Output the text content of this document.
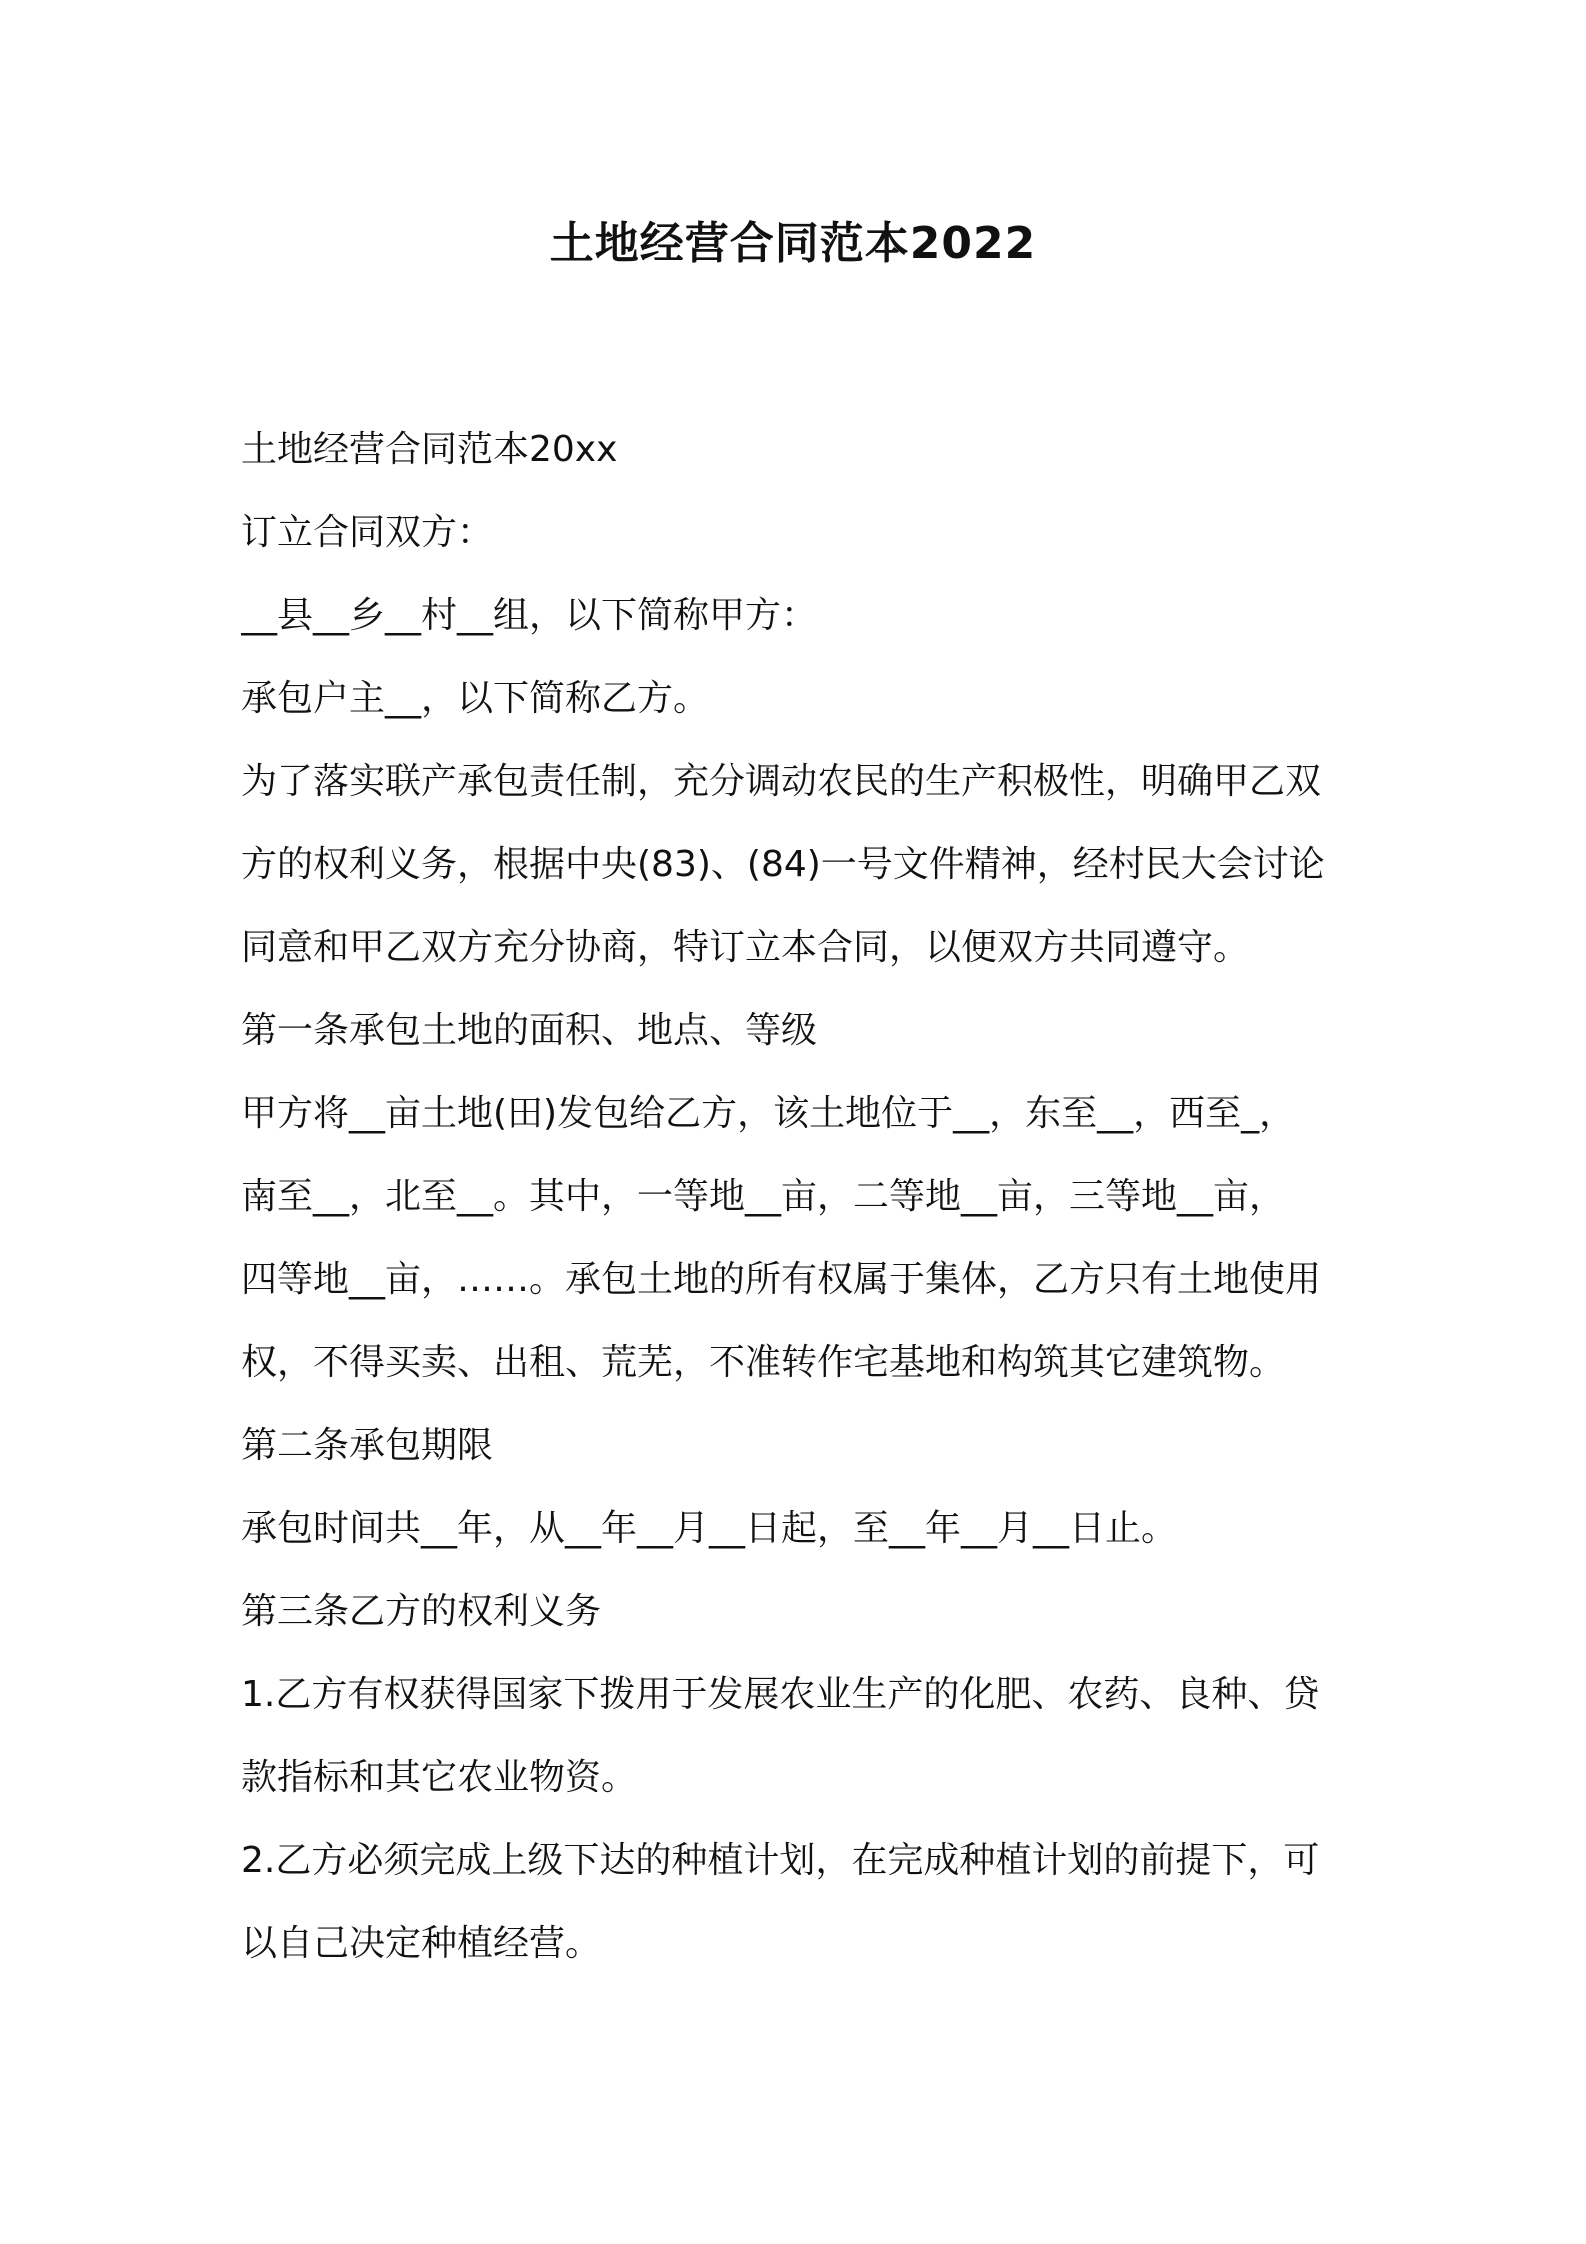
土地经营合同范本2022
土地经营合同范本20xx
订立合同双方：
__县__乡__村__组，以下简称甲方：
承包户主__，以下简称乙方。
为了落实联产承包责任制，充分调动农民的生产积极性，明确甲乙双
方的权利义务，根据中央(83)、(84)一号文件精神，经村民大会讨论
同意和甲乙双方充分协商，特订立本合同，以便双方共同遵守。
第一条承包土地的面积、地点、等级
甲方将__亩土地(田)发包给乙方，该土地位于__，东至__，西至_，
南至__，北至__。其中，一等地__亩，二等地__亩，三等地__亩，
四等地__亩，……。承包土地的所有权属于集体，乙方只有土地使用
权，不得买卖、出租、荒芜，不准转作宅基地和构筑其它建筑物。
第二条承包期限
承包时间共__年，从__年__月__日起，至__年__月__日止。
第三条乙方的权利义务
1.乙方有权获得国家下拨用于发展农业生产的化肥、农药、良种、贷
款指标和其它农业物资。
2.乙方必须完成上级下达的种植计划，在完成种植计划的前提下，可
以自己决定种植经营。
